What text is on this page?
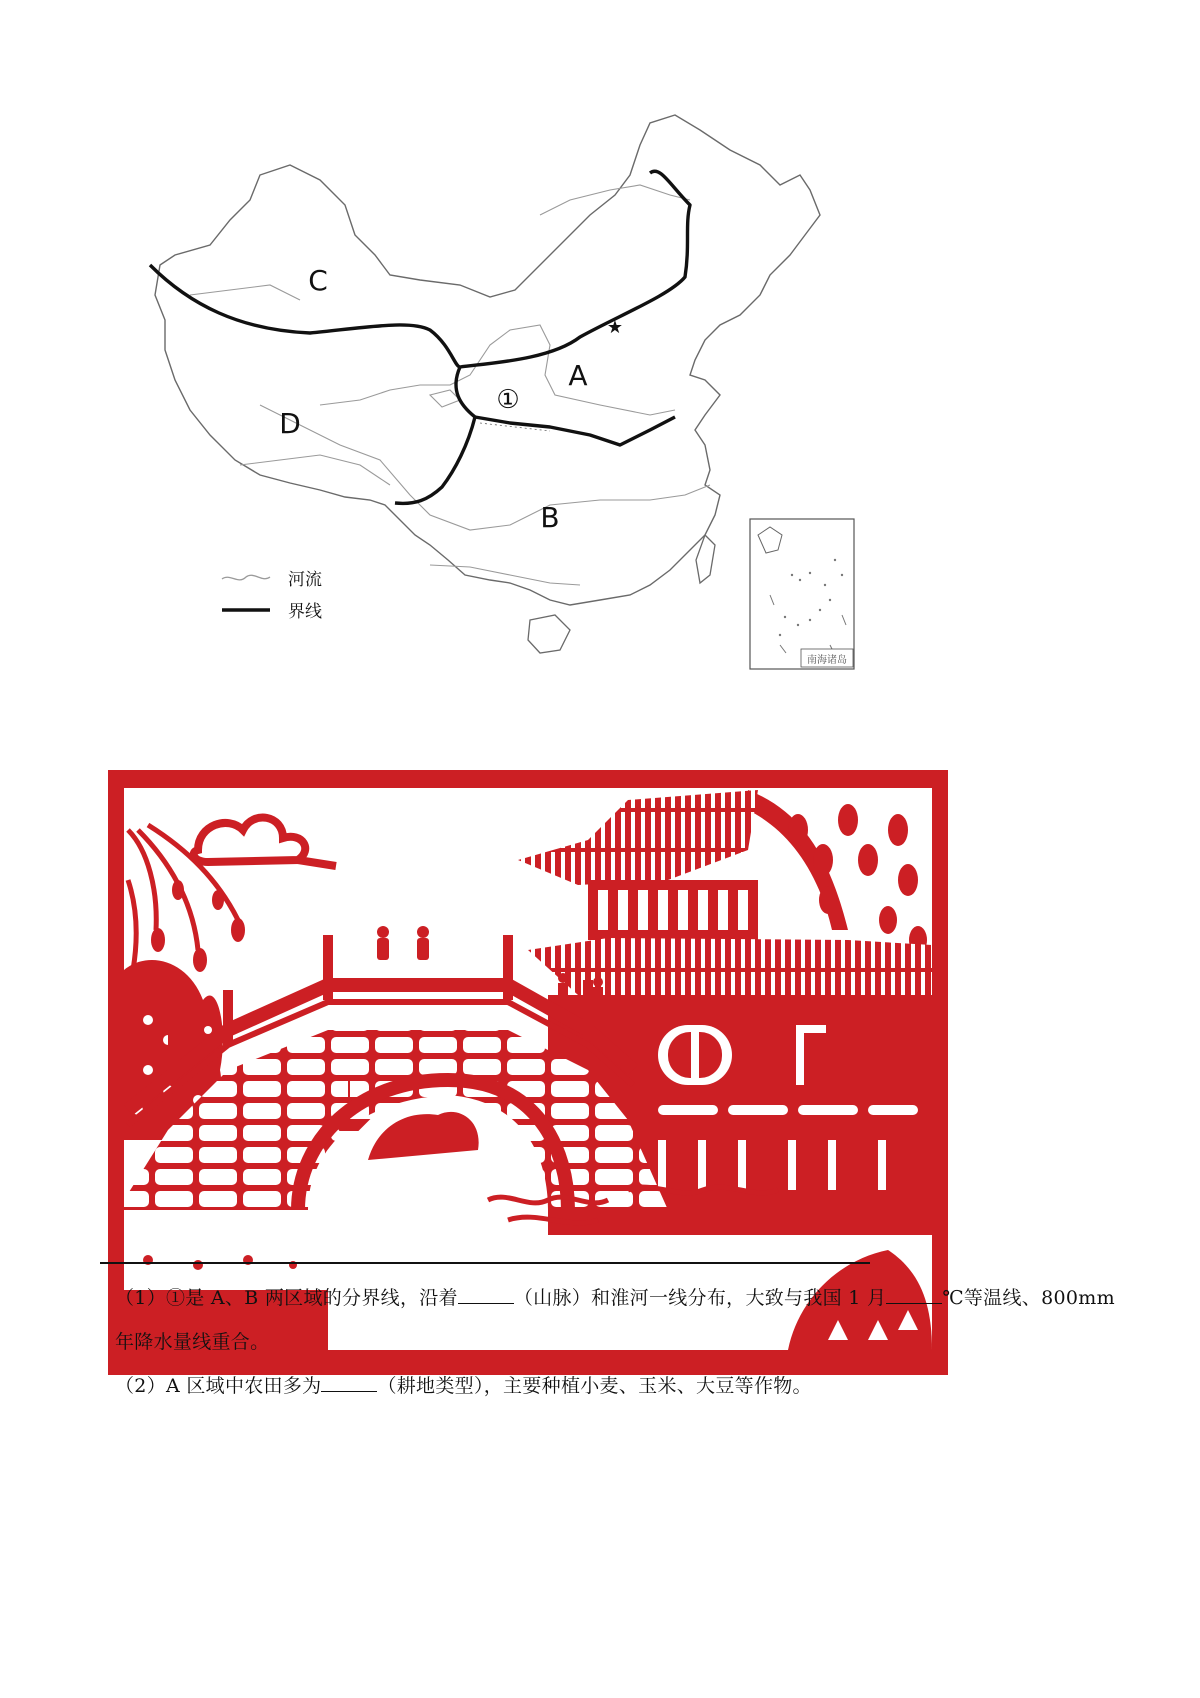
★
C
A
D
B
①
南海诸岛
河流
界线
（1）①是 A、B 两区域的分界线，沿着	（山脉）和淮河一线分布，大致与我国 1 月	℃等温线、800mm
年降水量线重合。
（2）A 区域中农田多为	（耕地类型），主要种植小麦、玉米、大豆等作物。
